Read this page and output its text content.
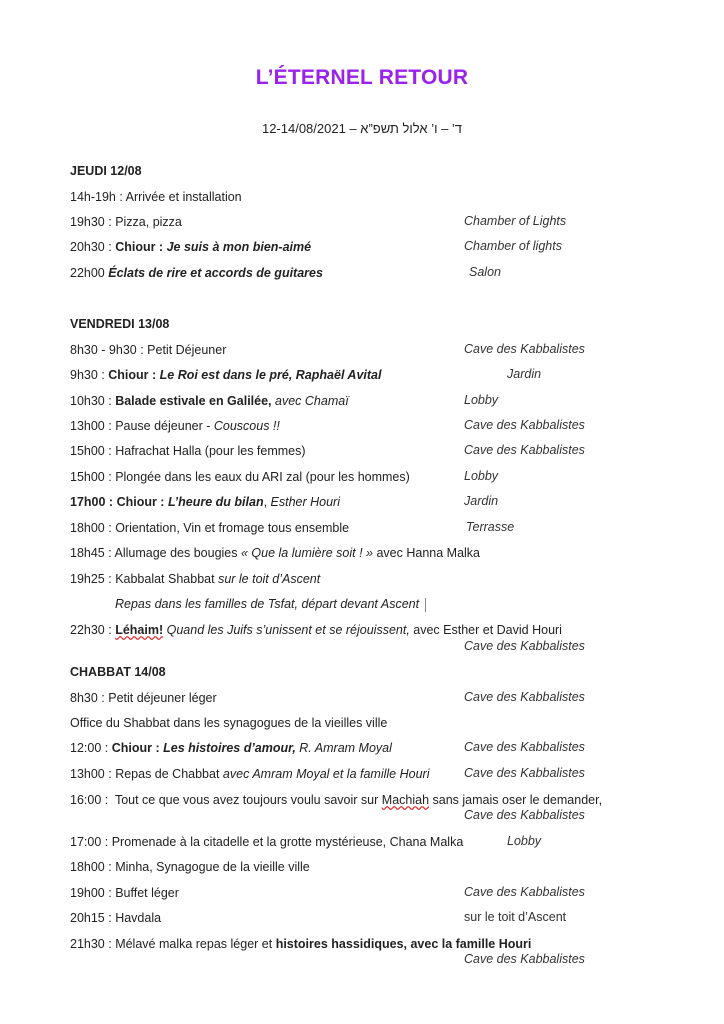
L’ÉTERNEL RETOUR
12-14/08/2021 – ד’ – ו’ אלול תשפ”א
JEUDI 12/08
14h-19h : Arrivée et installation
19h30 : Pizza, pizza	Chamber of Lights
20h30 : Chiour : Je suis à mon bien-aimé	Chamber of lights
22h00 Éclats de rire et accords de guitares	Salon
VENDREDI 13/08
8h30 - 9h30 : Petit Déjeuner	Cave des Kabbalistes
9h30 : Chiour : Le Roi est dans le pré, Raphaël Avital	Jardin
10h30 : Balade estivale en Galilée, avec Chamaï	Lobby
13h00 : Pause déjeuner - Couscous !!	Cave des Kabbalistes
15h00 : Hafrachat Halla (pour les femmes)	Cave des Kabbalistes
15h00 : Plongée dans les eaux du ARI zal (pour les hommes)	Lobby
17h00 : Chiour : L’heure du bilan, Esther Houri	Jardin
18h00 : Orientation, Vin et fromage tous ensemble	Terrasse
18h45 : Allumage des bougies « Que la lumière soit ! » avec Hanna Malka
19h25 : Kabbalat Shabbat sur le toit d’Ascent
Repas dans les familles de Tsfat, départ devant Ascent
22h30 : Léhaim! Quand les Juifs s’unissent et se réjouissent, avec Esther et David Houri
Cave des Kabbalistes
CHABBAT 14/08
8h30 : Petit déjeuner léger	Cave des Kabbalistes
Office du Shabbat dans les synagogues de la vieilles ville
12:00 : Chiour : Les histoires d’amour, R. Amram Moyal	Cave des Kabbalistes
13h00 : Repas de Chabbat avec Amram Moyal et la famille Houri	Cave des Kabbalistes
16:00 :  Tout ce que vous avez toujours voulu savoir sur Machiah sans jamais oser le demander,
Cave des Kabbalistes
17:00 : Promenade à la citadelle et la grotte mystérieuse, Chana Malka	Lobby
18h00 : Minha, Synagogue de la vieille ville
19h00 : Buffet léger	Cave des Kabbalistes
20h15 : Havdala	sur le toit d’Ascent
21h30 : Mélavé malka repas léger et histoires hassidiques, avec la famille Houri
Cave des Kabbalistes
